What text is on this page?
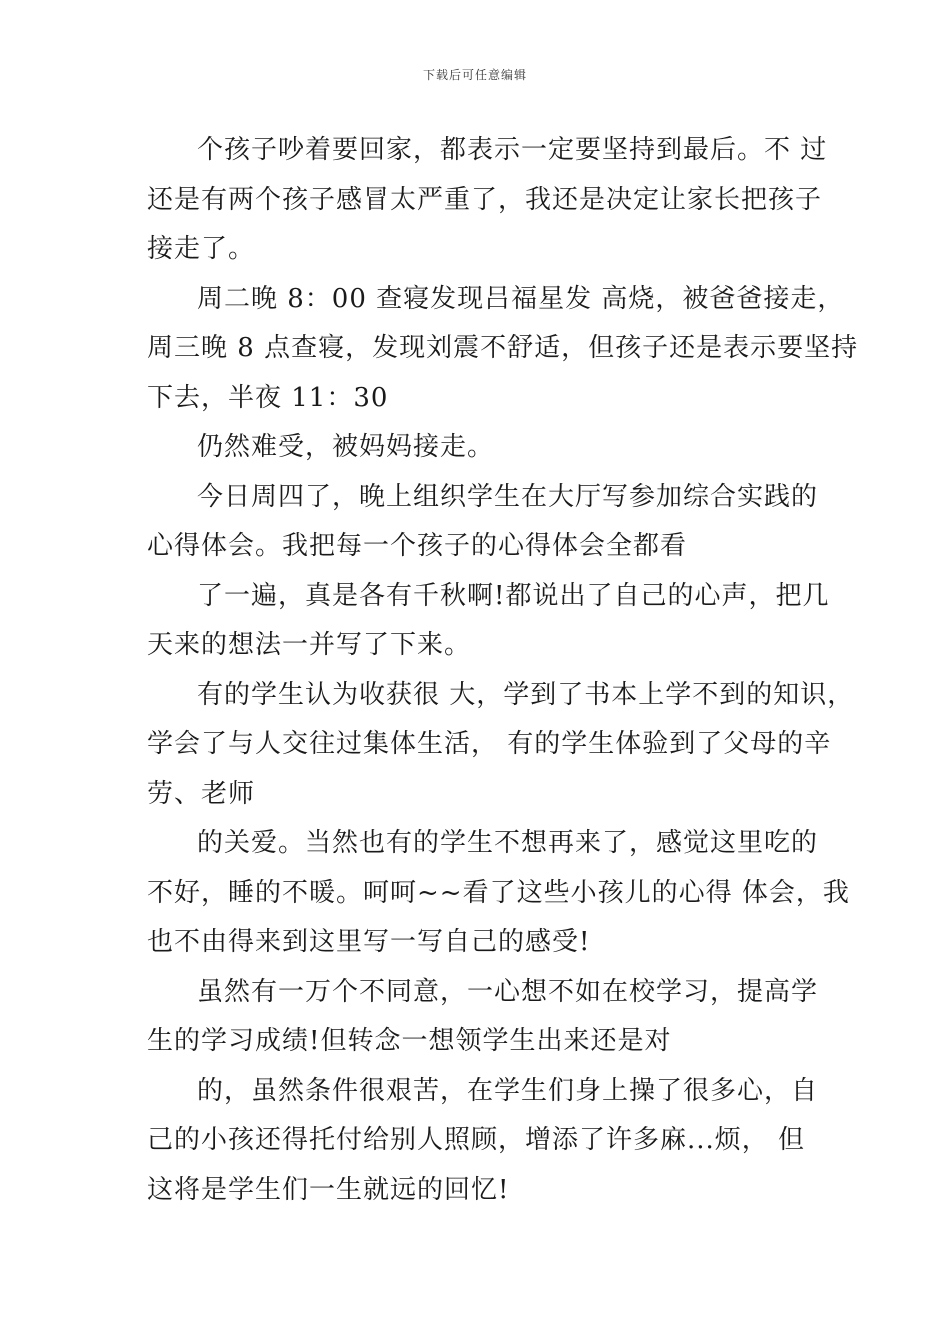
下载后可任意编辑
个孩子吵着要回家，都表示一定要坚持到最后。不 过
还是有两个孩子感冒太严重了，我还是决定让家长把孩子
接走了。
周二晚 8：00 查寝发现吕福星发 高烧，被爸爸接走，
周三晚 8 点查寝，发现刘震不舒适，但孩子还是表示要坚持
下去，半夜 11：30
仍然难受，被妈妈接走。
今日周四了，晚上组织学生在大厅写参加综合实践的
心得体会。我把每一个孩子的心得体会全都看
了一遍，真是各有千秋啊!都说出了自己的心声，把几
天来的想法一并写了下来。
有的学生认为收获很 大，学到了书本上学不到的知识，
学会了与人交往过集体生活， 有的学生体验到了父母的辛
劳、老师
的关爱。当然也有的学生不想再来了，感觉这里吃的
不好，睡的不暖。呵呵~~看了这些小孩儿的心得 体会，我
也不由得来到这里写一写自己的感受!
虽然有一万个不同意，一心想不如在校学习，提高学
生的学习成绩!但转念一想领学生出来还是对
的，虽然条件很艰苦，在学生们身上操了很多心，自
己的小孩还得托付给别人照顾，增添了许多麻...烦， 但
这将是学生们一生就远的回忆!
